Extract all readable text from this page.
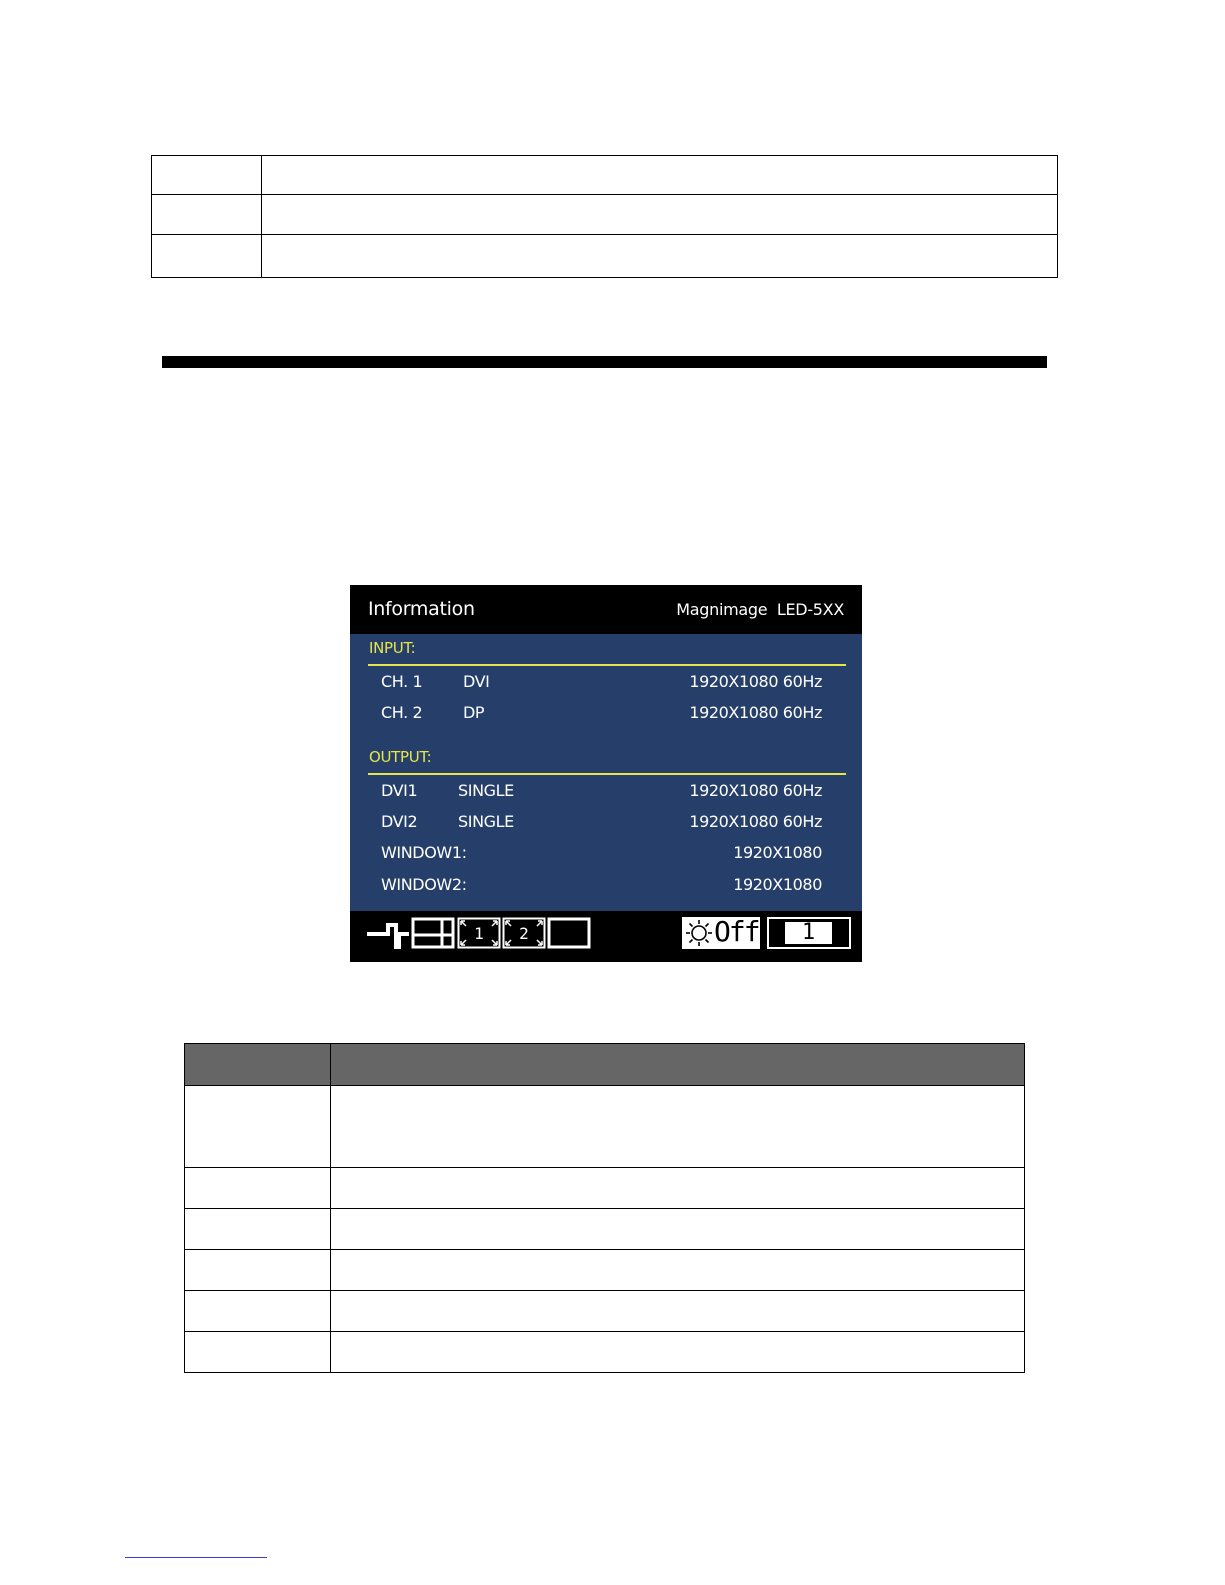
Information	Magnimage  LED-5XX
INPUT:
CH. 1	DVI	1920X1080 60Hz
CH. 2	DP	1920X1080 60Hz
OUTPUT:
DVI1	SINGLE	1920X1080 60Hz
DVI2	SINGLE	1920X1080 60Hz
WINDOW1:	1920X1080
WINDOW2:	1920X1080
1 2	Off	1
